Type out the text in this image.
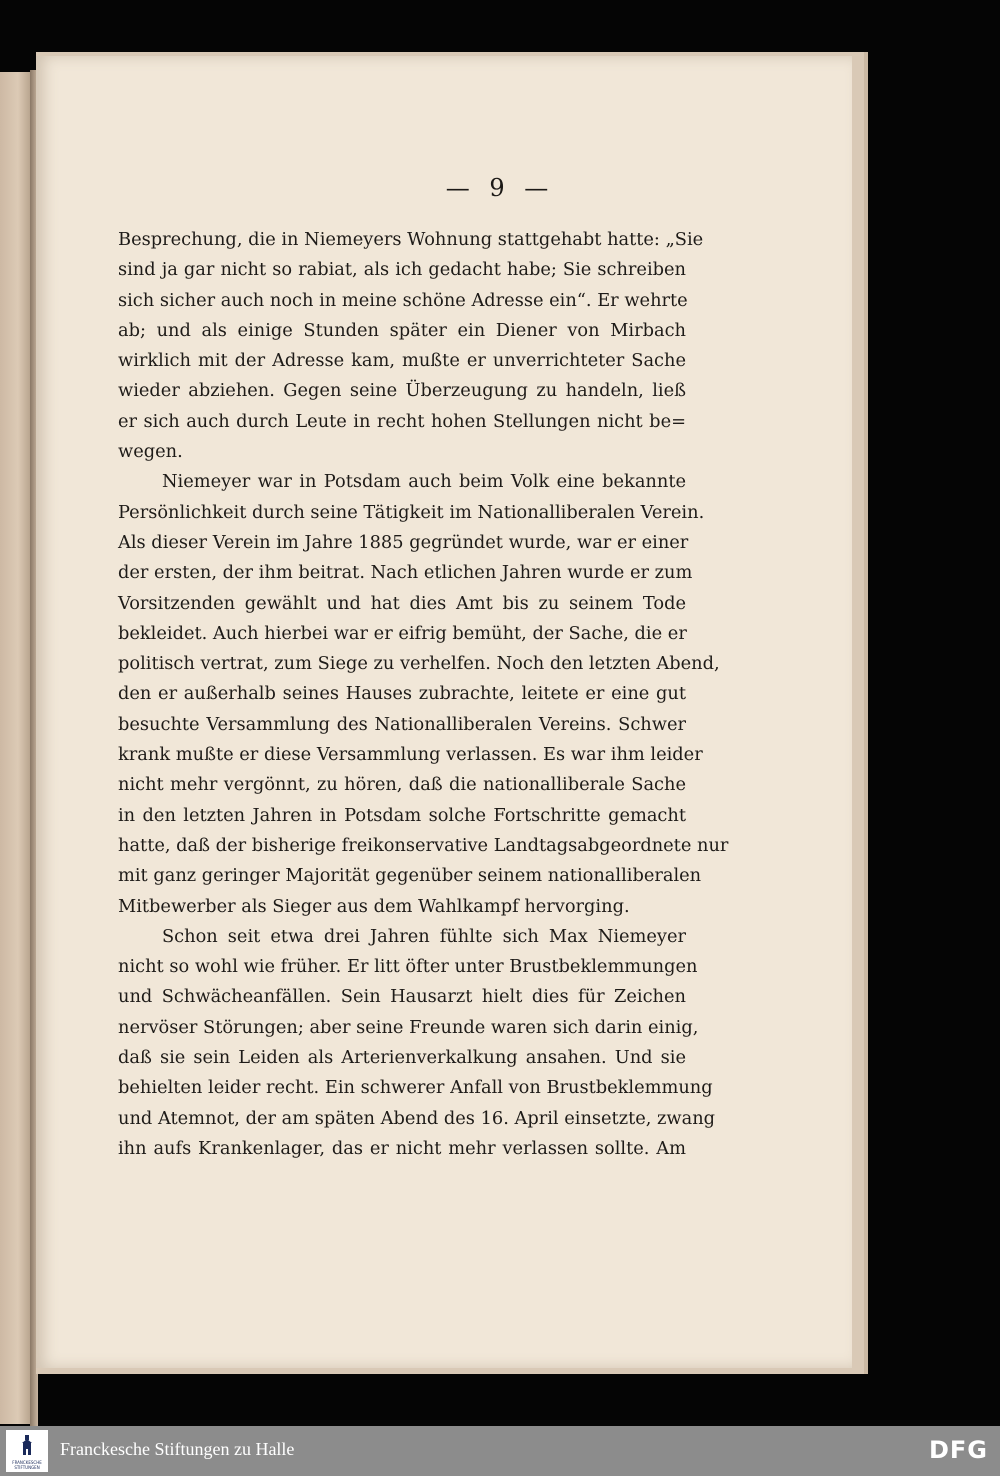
— 9 —
Besprechung, die in Niemeyers Wohnung stattgehabt hatte: „Sie
sind ja gar nicht so rabiat, als ich gedacht habe; Sie schreiben
sich sicher auch noch in meine schöne Adresse ein“. Er wehrte
ab; und als einige Stunden später ein Diener von Mirbach
wirklich mit der Adresse kam, mußte er unverrichteter Sache
wieder abziehen. Gegen seine Überzeugung zu handeln, ließ
er sich auch durch Leute in recht hohen Stellungen nicht be=
wegen.
Niemeyer war in Potsdam auch beim Volk eine bekannte
Persönlichkeit durch seine Tätigkeit im Nationalliberalen Verein.
Als dieser Verein im Jahre 1885 gegründet wurde, war er einer
der ersten, der ihm beitrat. Nach etlichen Jahren wurde er zum
Vorsitzenden gewählt und hat dies Amt bis zu seinem Tode
bekleidet. Auch hierbei war er eifrig bemüht, der Sache, die er
politisch vertrat, zum Siege zu verhelfen. Noch den letzten Abend,
den er außerhalb seines Hauses zubrachte, leitete er eine gut
besuchte Versammlung des Nationalliberalen Vereins. Schwer
krank mußte er diese Versammlung verlassen. Es war ihm leider
nicht mehr vergönnt, zu hören, daß die nationalliberale Sache
in den letzten Jahren in Potsdam solche Fortschritte gemacht
hatte, daß der bisherige freikonservative Landtagsabgeordnete nur
mit ganz geringer Majorität gegenüber seinem nationalliberalen
Mitbewerber als Sieger aus dem Wahlkampf hervorging.
Schon seit etwa drei Jahren fühlte sich Max Niemeyer
nicht so wohl wie früher. Er litt öfter unter Brustbeklemmungen
und Schwächeanfällen. Sein Hausarzt hielt dies für Zeichen
nervöser Störungen; aber seine Freunde waren sich darin einig,
daß sie sein Leiden als Arterienverkalkung ansahen. Und sie
behielten leider recht. Ein schwerer Anfall von Brustbeklemmung
und Atemnot, der am späten Abend des 16. April einsetzte, zwang
ihn aufs Krankenlager, das er nicht mehr verlassen sollte. Am
FRANCKESCHE STIFTUNGEN
Franckesche Stiftungen zu Halle	DFG
